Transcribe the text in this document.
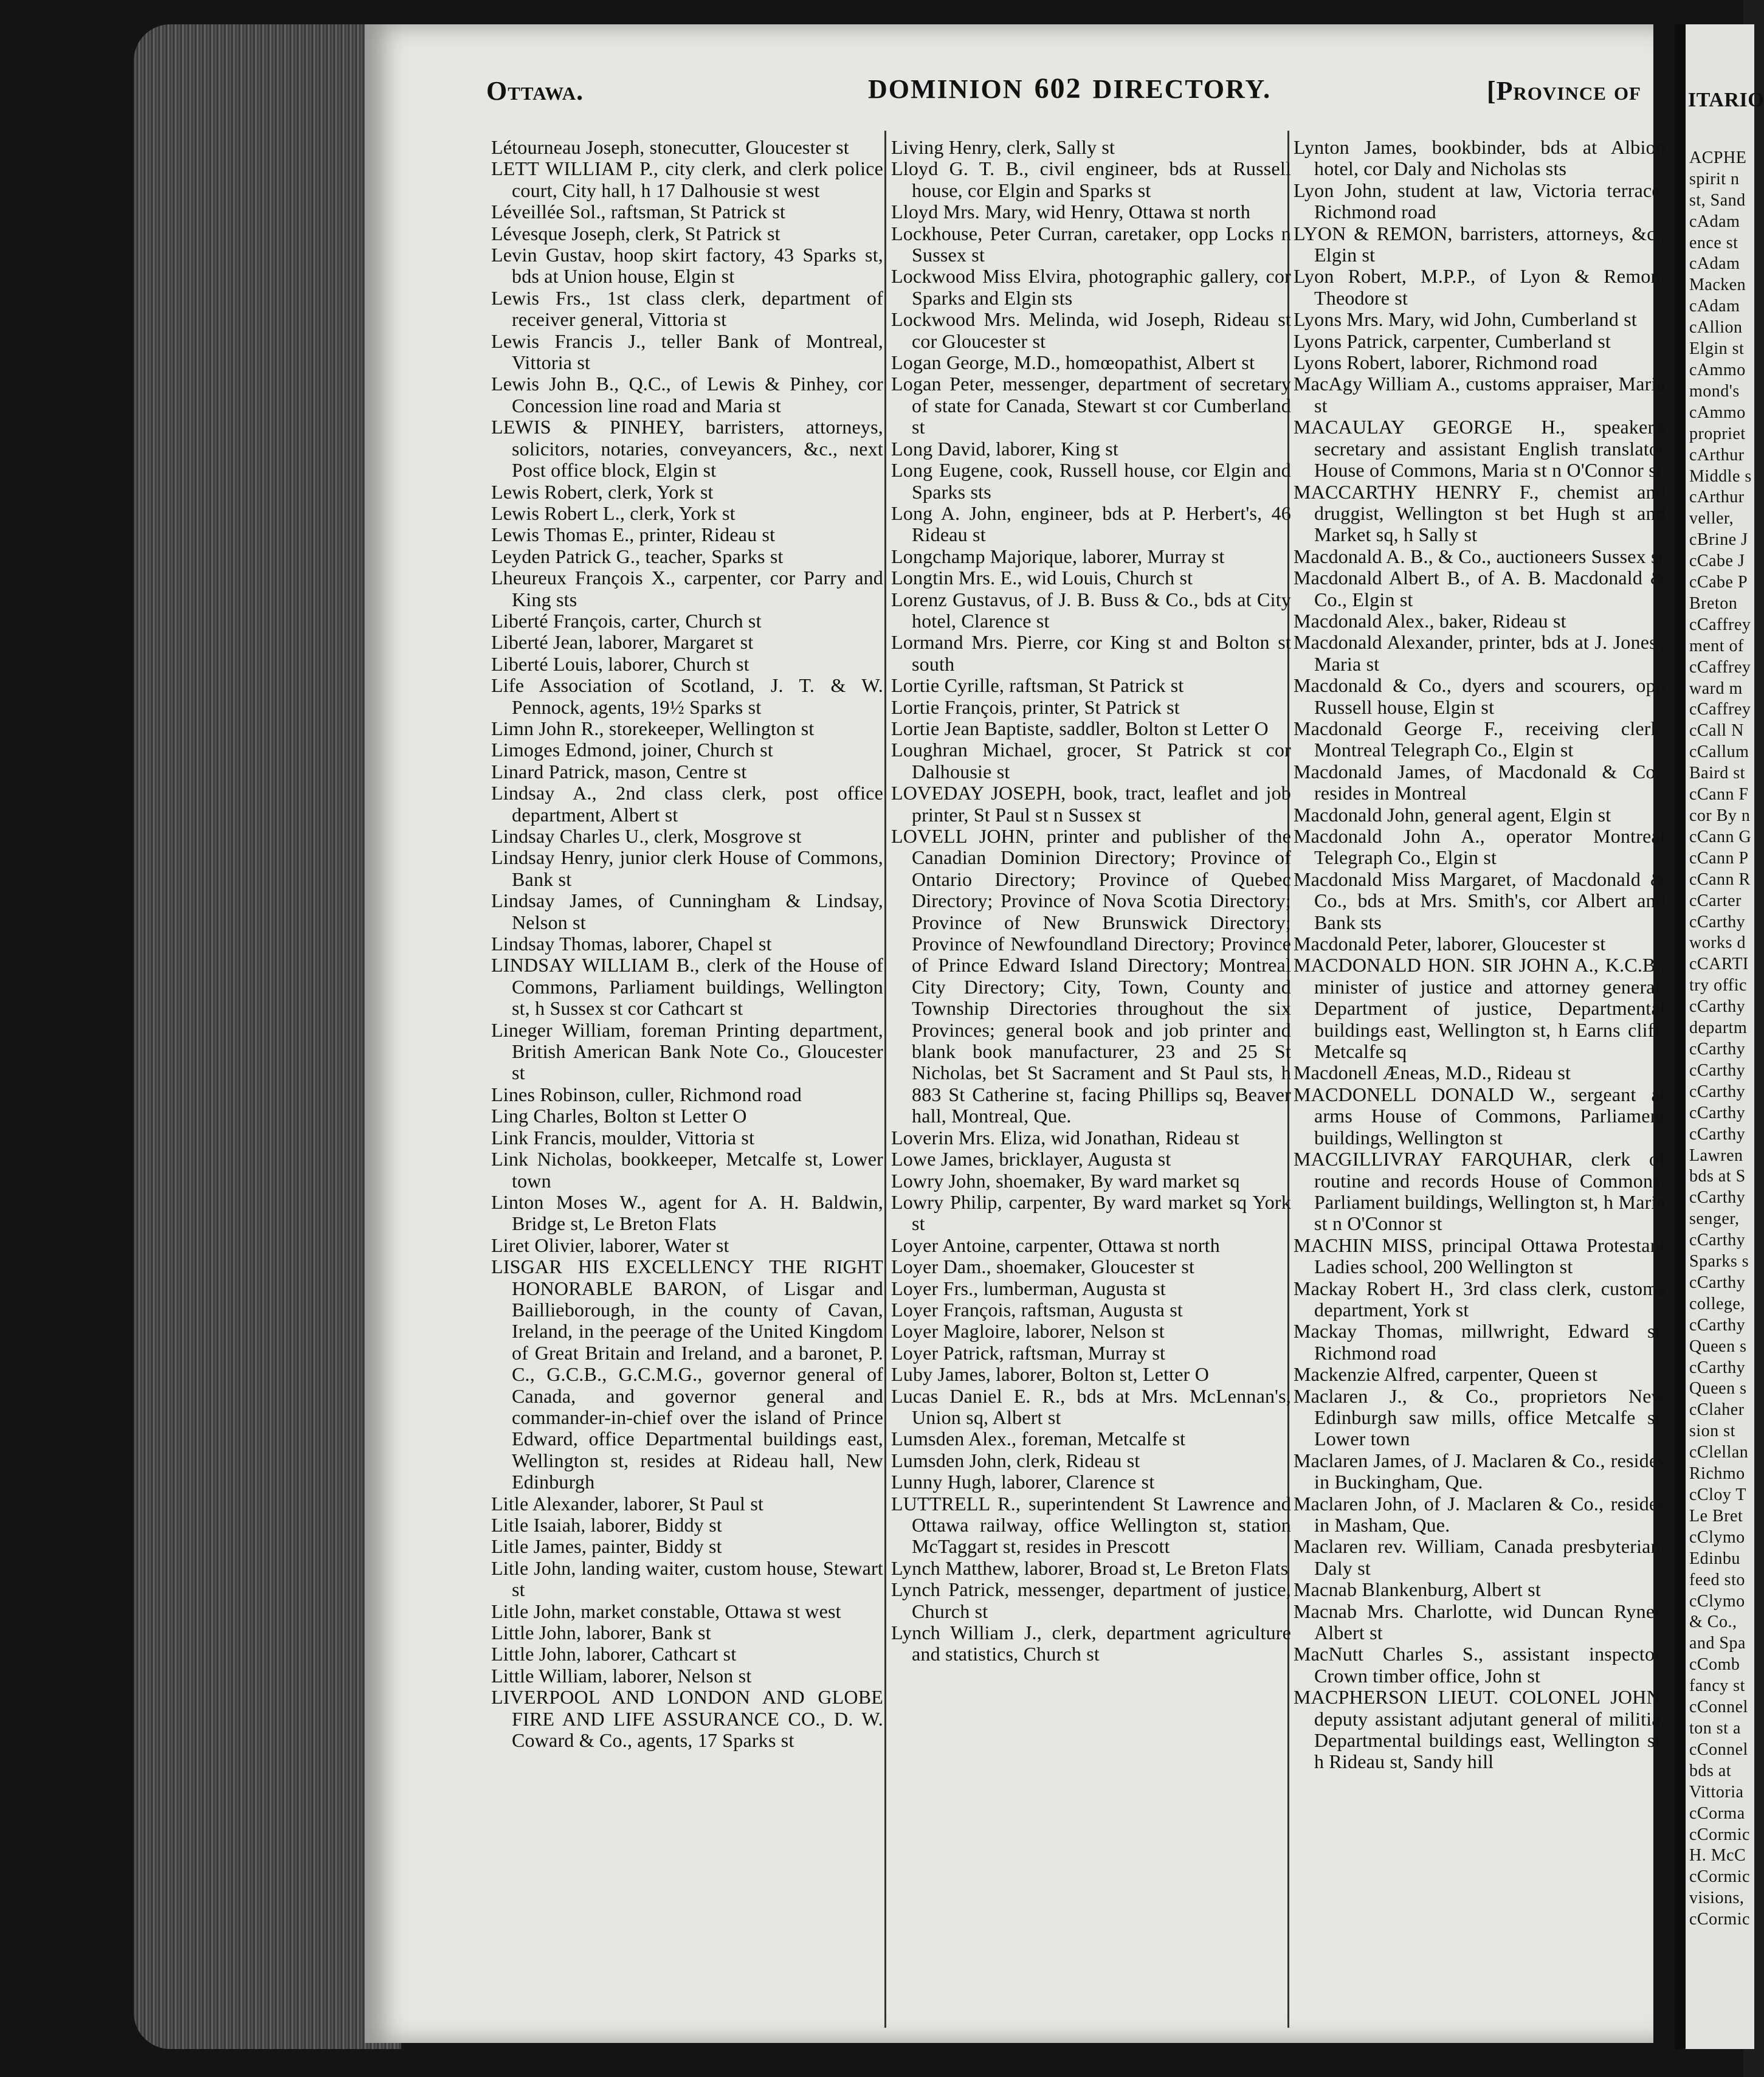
Ottawa.	DOMINION 602 DIRECTORY.	[Province of
Létourneau Joseph, stonecutter, Gloucester st
LETT WILLIAM P., city clerk, and clerk police court, City hall, h 17 Dalhousie st west
Léveillée Sol., raftsman, St Patrick st
Lévesque Joseph, clerk, St Patrick st
Levin Gustav, hoop skirt factory, 43 Sparks st, bds at Union house, Elgin st
Lewis Frs., 1st class clerk, department of receiver general, Vittoria st
Lewis Francis J., teller Bank of Montreal, Vittoria st
Lewis John B., Q.C., of Lewis & Pinhey, cor Concession line road and Maria st
LEWIS & PINHEY, barristers, attorneys, solicitors, notaries, conveyancers, &c., next Post office block, Elgin st
Lewis Robert, clerk, York st
Lewis Robert L., clerk, York st
Lewis Thomas E., printer, Rideau st
Leyden Patrick G., teacher, Sparks st
Lheureux François X., carpenter, cor Parry and King sts
Liberté François, carter, Church st
Liberté Jean, laborer, Margaret st
Liberté Louis, laborer, Church st
Life Association of Scotland, J. T. & W. Pennock, agents, 19½ Sparks st
Limn John R., storekeeper, Wellington st
Limoges Edmond, joiner, Church st
Linard Patrick, mason, Centre st
Lindsay A., 2nd class clerk, post office department, Albert st
Lindsay Charles U., clerk, Mosgrove st
Lindsay Henry, junior clerk House of Commons, Bank st
Lindsay James, of Cunningham & Lindsay, Nelson st
Lindsay Thomas, laborer, Chapel st
LINDSAY WILLIAM B., clerk of the House of Commons, Parliament buildings, Wellington st, h Sussex st cor Cathcart st
Lineger William, foreman Printing department, British American Bank Note Co., Gloucester st
Lines Robinson, culler, Richmond road
Ling Charles, Bolton st Letter O
Link Francis, moulder, Vittoria st
Link Nicholas, bookkeeper, Metcalfe st, Lower town
Linton Moses W., agent for A. H. Baldwin, Bridge st, Le Breton Flats
Liret Olivier, laborer, Water st
LISGAR HIS EXCELLENCY THE RIGHT HONORABLE BARON, of Lisgar and Baillieborough, in the county of Cavan, Ireland, in the peerage of the United Kingdom of Great Britain and Ireland, and a baronet, P. C., G.C.B., G.C.M.G., governor general of Canada, and governor general and commander-in-chief over the island of Prince Edward, office Departmental buildings east, Wellington st, resides at Rideau hall, New Edinburgh
Litle Alexander, laborer, St Paul st
Litle Isaiah, laborer, Biddy st
Litle James, painter, Biddy st
Litle John, landing waiter, custom house, Stewart st
Litle John, market constable, Ottawa st west
Little John, laborer, Bank st
Little John, laborer, Cathcart st
Little William, laborer, Nelson st
LIVERPOOL AND LONDON AND GLOBE FIRE AND LIFE ASSURANCE CO., D. W. Coward & Co., agents, 17 Sparks st
Living Henry, clerk, Sally st
Lloyd G. T. B., civil engineer, bds at Russell house, cor Elgin and Sparks st
Lloyd Mrs. Mary, wid Henry, Ottawa st north
Lockhouse, Peter Curran, caretaker, opp Locks n Sussex st
Lockwood Miss Elvira, photographic gallery, cor Sparks and Elgin sts
Lockwood Mrs. Melinda, wid Joseph, Rideau st cor Gloucester st
Logan George, M.D., homœopathist, Albert st
Logan Peter, messenger, department of secretary of state for Canada, Stewart st cor Cumberland st
Long David, laborer, King st
Long Eugene, cook, Russell house, cor Elgin and Sparks sts
Long A. John, engineer, bds at P. Herbert's, 46 Rideau st
Longchamp Majorique, laborer, Murray st
Longtin Mrs. E., wid Louis, Church st
Lorenz Gustavus, of J. B. Buss & Co., bds at City hotel, Clarence st
Lormand Mrs. Pierre, cor King st and Bolton st south
Lortie Cyrille, raftsman, St Patrick st
Lortie François, printer, St Patrick st
Lortie Jean Baptiste, saddler, Bolton st Letter O
Loughran Michael, grocer, St Patrick st cor Dalhousie st
LOVEDAY JOSEPH, book, tract, leaflet and job printer, St Paul st n Sussex st
LOVELL JOHN, printer and publisher of the Canadian Dominion Directory; Province of Ontario Directory; Province of Quebec Directory; Province of Nova Scotia Directory; Province of New Brunswick Directory; Province of Newfoundland Directory; Province of Prince Edward Island Directory; Montreal City Directory; City, Town, County and Township Directories throughout the six Provinces; general book and job printer and blank book manufacturer, 23 and 25 St Nicholas, bet St Sacrament and St Paul sts, h 883 St Catherine st, facing Phillips sq, Beaver hall, Montreal, Que.
Loverin Mrs. Eliza, wid Jonathan, Rideau st
Lowe James, bricklayer, Augusta st
Lowry John, shoemaker, By ward market sq
Lowry Philip, carpenter, By ward market sq York st
Loyer Antoine, carpenter, Ottawa st north
Loyer Dam., shoemaker, Gloucester st
Loyer Frs., lumberman, Augusta st
Loyer François, raftsman, Augusta st
Loyer Magloire, laborer, Nelson st
Loyer Patrick, raftsman, Murray st
Luby James, laborer, Bolton st, Letter O
Lucas Daniel E. R., bds at Mrs. McLennan's, Union sq, Albert st
Lumsden Alex., foreman, Metcalfe st
Lumsden John, clerk, Rideau st
Lunny Hugh, laborer, Clarence st
LUTTRELL R., superintendent St Lawrence and Ottawa railway, office Wellington st, station McTaggart st, resides in Prescott
Lynch Matthew, laborer, Broad st, Le Breton Flats
Lynch Patrick, messenger, department of justice, Church st
Lynch William J., clerk, department agriculture and statistics, Church st
Lynton James, bookbinder, bds at Albion hotel, cor Daly and Nicholas sts
Lyon John, student at law, Victoria terrace, Richmond road
LYON & REMON, barristers, attorneys, &c., Elgin st
Lyon Robert, M.P.P., of Lyon & Remon, Theodore st
Lyons Mrs. Mary, wid John, Cumberland st
Lyons Patrick, carpenter, Cumberland st
Lyons Robert, laborer, Richmond road
MacAgy William A., customs appraiser, Maria st
MACAULAY GEORGE H., speaker's secretary and assistant English translator House of Commons, Maria st n O'Connor st
MACCARTHY HENRY F., chemist and druggist, Wellington st bet Hugh st and Market sq, h Sally st
Macdonald A. B., & Co., auctioneers Sussex st
Macdonald Albert B., of A. B. Macdonald & Co., Elgin st
Macdonald Alex., baker, Rideau st
Macdonald Alexander, printer, bds at J. Jones', Maria st
Macdonald & Co., dyers and scourers, opp Russell house, Elgin st
Macdonald George F., receiving clerk, Montreal Telegraph Co., Elgin st
Macdonald James, of Macdonald & Co., resides in Montreal
Macdonald John, general agent, Elgin st
Macdonald John A., operator Montreal Telegraph Co., Elgin st
Macdonald Miss Margaret, of Macdonald & Co., bds at Mrs. Smith's, cor Albert and Bank sts
Macdonald Peter, laborer, Gloucester st
MACDONALD HON. SIR JOHN A., K.C.B., minister of justice and attorney general, Department of justice, Departmental buildings east, Wellington st, h Earns cliff, Metcalfe sq
Macdonell Æneas, M.D., Rideau st
MACDONELL DONALD W., sergeant at arms House of Commons, Parliament buildings, Wellington st
MACGILLIVRAY FARQUHAR, clerk of routine and records House of Commons, Parliament buildings, Wellington st, h Maria st n O'Connor st
MACHIN MISS, principal Ottawa Protestant Ladies school, 200 Wellington st
Mackay Robert H., 3rd class clerk, customs department, York st
Mackay Thomas, millwright, Edward st, Richmond road
Mackenzie Alfred, carpenter, Queen st
Maclaren J., & Co., proprietors New Edinburgh saw mills, office Metcalfe st, Lower town
Maclaren James, of J. Maclaren & Co., resides in Buckingham, Que.
Maclaren John, of J. Maclaren & Co., resides in Masham, Que.
Maclaren rev. William, Canada presbyterian, Daly st
Macnab Blankenburg, Albert st
Macnab Mrs. Charlotte, wid Duncan Ryner, Albert st
MacNutt Charles S., assistant inspector, Crown timber office, John st
MACPHERSON LIEUT. COLONEL JOHN, deputy assistant adjutant general of militia, Departmental buildings east, Wellington st, h Rideau st, Sandy hill
ITARIO
ACPHE
spirit n
st, Sand
cAdam
ence st
cAdam
Macken
cAdam
cAllion
Elgin st
cAmmo
mond's
cAmmo
propriet
cArthur
Middle s
cArthur
veller,
cBrine J
cCabe J
cCabe P
Breton
cCaffrey
ment of
cCaffrey
ward m
cCaffrey
cCall N
cCallum
Baird st
cCann F
cor By n
cCann G
cCann P
cCann R
cCarter
cCarthy
works d
cCARTI
try offic
cCarthy
departm
cCarthy
cCarthy
cCarthy
cCarthy
cCarthy
Lawren
bds at S
cCarthy
senger,
cCarthy
Sparks s
cCarthy
college,
cCarthy
Queen s
cCarthy
Queen s
cClaher
sion st
cClellan
Richmo
cCloy T
Le Bret
cClymo
Edinbu
feed sto
cClymo
& Co.,
and Spa
cComb
fancy st
cConnel
ton st a
cConnel
bds at
Vittoria
cCorma
cCormic
H. McC
cCormic
visions,
cCormic
